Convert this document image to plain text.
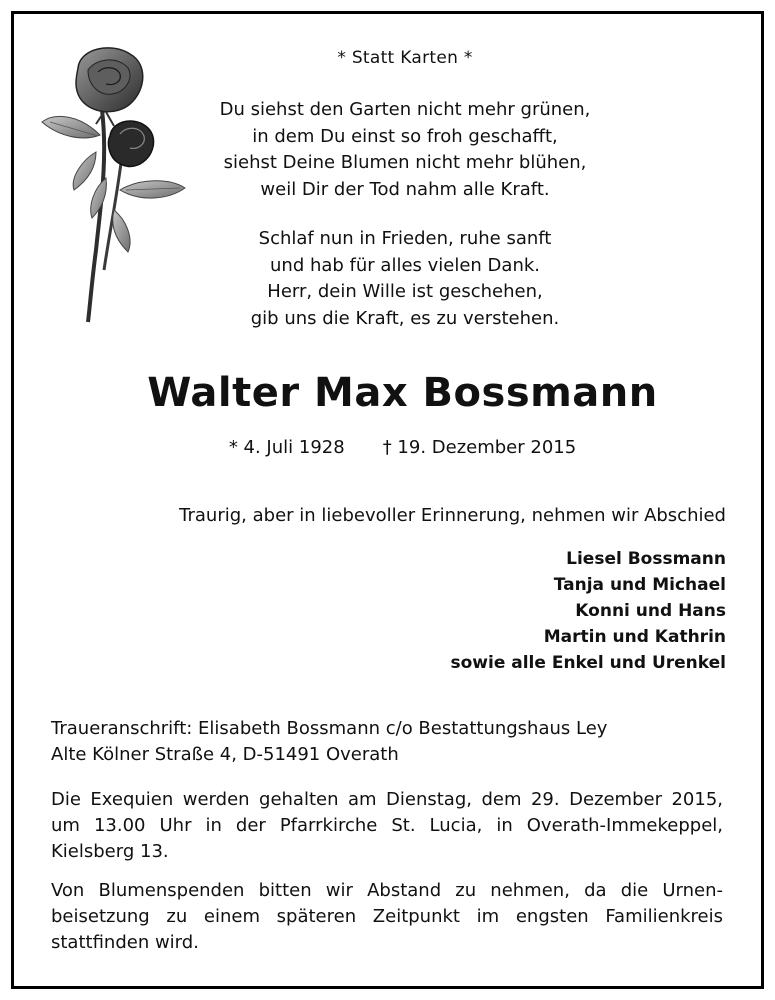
* Statt Karten *
Du siehst den Garten nicht mehr grünen,
in dem Du einst so froh geschafft,
siehst Deine Blumen nicht mehr blühen,
weil Dir der Tod nahm alle Kraft.
Schlaf nun in Frieden, ruhe sanft
und hab für alles vielen Dank.
Herr, dein Wille ist geschehen,
gib uns die Kraft, es zu verstehen.
Walter Max Bossmann
* 4. Juli 1928 † 19. Dezember 2015
Traurig, aber in liebevoller Erinnerung, nehmen wir Abschied
Liesel Bossmann
Tanja und Michael
Konni und Hans
Martin und Kathrin
sowie alle Enkel und Urenkel

Traueranschrift: Elisabeth Bossmann c/o Bestattungshaus Ley

Alte Kölner Straße 4, D-51491 Overath

Die Exequien werden gehalten am Dienstag, dem 29. Dezember 2015, um 13.00 Uhr in der Pfarrkirche St. Lucia, in Overath-Immekeppel, Kielsberg 13.

Von Blumenspenden bitten wir Abstand zu nehmen, da die Urnen-beisetzung zu einem späteren Zeitpunkt im engsten Familienkreis stattfinden wird.
